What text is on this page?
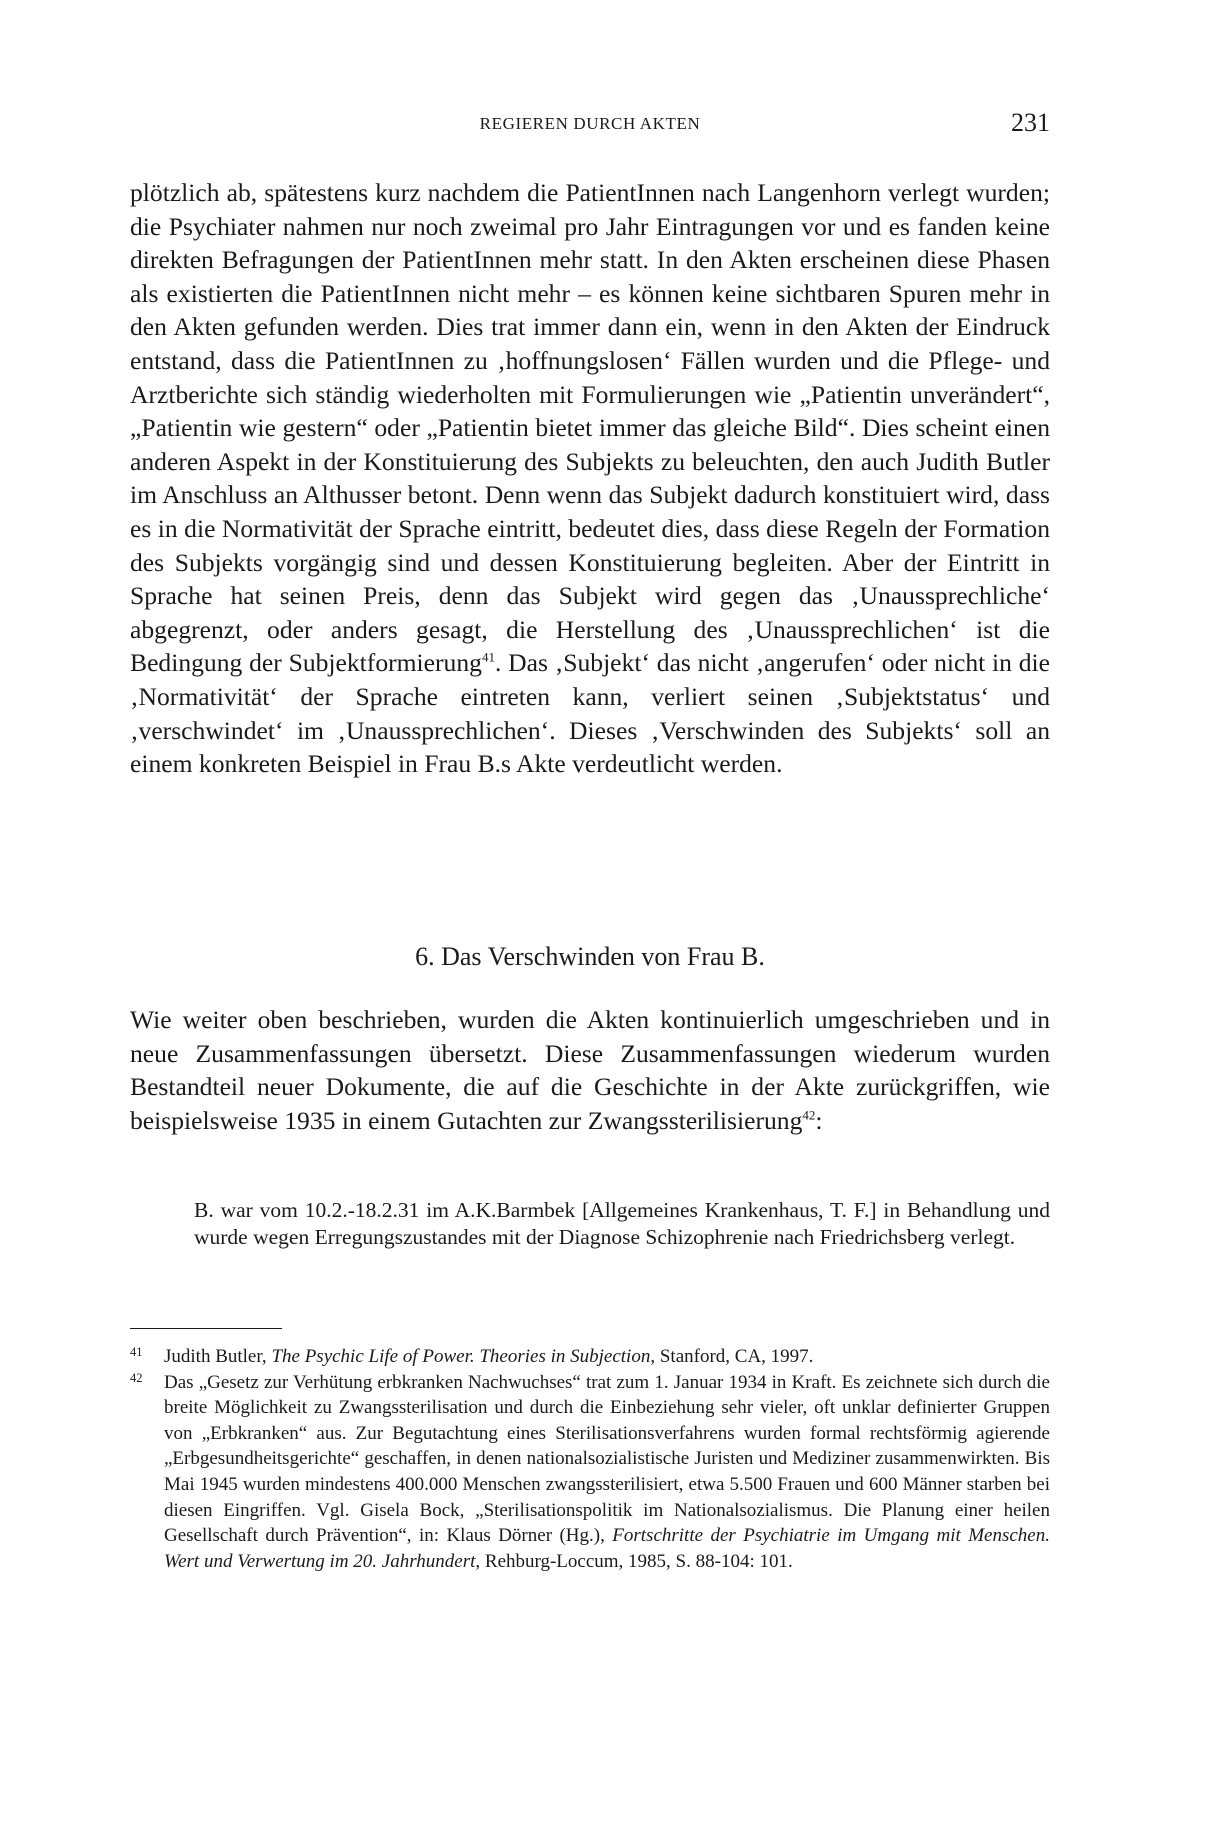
REGIEREN DURCH AKTEN	231

plötzlich ab, spätestens kurz nachdem die PatientInnen nach Langenhorn verlegt wurden; die Psychiater nahmen nur noch zweimal pro Jahr Eintragungen vor und es fanden keine direkten Befragungen der PatientInnen mehr statt. In den Akten erscheinen diese Phasen als existierten die PatientInnen nicht mehr – es können keine sichtbaren Spuren mehr in den Akten gefunden werden. Dies trat immer dann ein, wenn in den Akten der Eindruck entstand, dass die PatientInnen zu ‚hoffnungslosen‘ Fällen wurden und die Pflege- und Arztberichte sich ständig wiederholten mit Formulierungen wie „Patientin unverändert“, „Patientin wie gestern“ oder „Patientin bietet immer das gleiche Bild“. Dies scheint einen anderen Aspekt in der Konstituierung des Subjekts zu beleuchten, den auch Judith Butler im Anschluss an Althusser betont. Denn wenn das Subjekt dadurch konstituiert wird, dass es in die Normativität der Sprache eintritt, bedeutet dies, dass diese Regeln der Formation des Subjekts vorgängig sind und dessen Konstituierung begleiten. Aber der Eintritt in Sprache hat seinen Preis, denn das Subjekt wird gegen das ‚Unaussprechliche‘ abgegrenzt, oder anders gesagt, die Herstellung des ‚Unaussprechlichen‘ ist die Bedingung der Subjektformierung$^{41}$. Das ‚Subjekt‘ das nicht ‚angerufen‘ oder nicht in die ‚Normativität‘ der Sprache eintreten kann, verliert seinen ‚Subjektstatus‘ und ‚verschwindet‘ im ‚Unaussprechlichen‘. Dieses ‚Verschwinden des Subjekts‘ soll an einem konkreten Beispiel in Frau B.s Akte verdeutlicht werden.

6. Das Verschwinden von Frau B.

Wie weiter oben beschrieben, wurden die Akten kontinuierlich umgeschrieben und in neue Zusammenfassungen übersetzt. Diese Zusammenfassungen wiederum wurden Bestandteil neuer Dokumente, die auf die Geschichte in der Akte zurückgriffen, wie beispielsweise 1935 in einem Gutachten zur Zwangssterilisierung$^{42}$:

B. war vom 10.2.-18.2.31 im A.K.Barmbek [Allgemeines Krankenhaus, T. F.] in Behandlung und wurde wegen Erregungszustandes mit der Diagnose Schizophrenie nach Friedrichsberg verlegt.

41 Judith Butler, The Psychic Life of Power. Theories in Subjection, Stanford, CA, 1997.

42 Das „Gesetz zur Verhütung erbkranken Nachwuchses“ trat zum 1. Januar 1934 in Kraft. Es zeichnete sich durch die breite Möglichkeit zu Zwangssterilisation und durch die Einbeziehung sehr vieler, oft unklar definierter Gruppen von „Erbkranken“ aus. Zur Begutachtung eines Sterilisationsverfahrens wurden formal rechtsförmig agierende „Erbgesundheitsgerichte“ geschaffen, in denen nationalsozialistische Juristen und Mediziner zusammenwirkten. Bis Mai 1945 wurden mindestens 400.000 Menschen zwangssterilisiert, etwa 5.500 Frauen und 600 Männer starben bei diesen Eingriffen. Vgl. Gisela Bock, „Sterilisationspolitik im Nationalsozialismus. Die Planung einer heilen Gesellschaft durch Prävention“, in: Klaus Dörner (Hg.), Fortschritte der Psychiatrie im Umgang mit Menschen. Wert und Verwertung im 20. Jahrhundert, Rehburg-Loccum, 1985, S. 88-104: 101.
